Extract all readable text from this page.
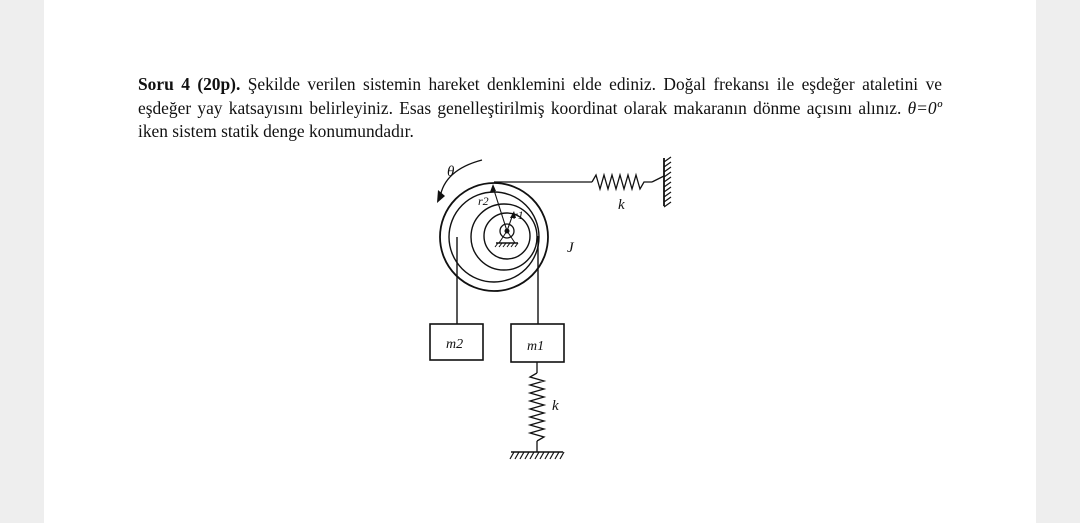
Soru 4 (20p). Şekilde verilen sistemin hareket denklemini elde ediniz. Doğal frekansı ile eşdeğer ataletini ve eşdeğer yay katsayısını belirleyiniz. Esas genelleştirilmiş koordinat olarak makaranın dönme açısını alınız. θ=0º iken sistem statik denge konumundadır.

θ
r2
r1
J
k
m2	m1
k
